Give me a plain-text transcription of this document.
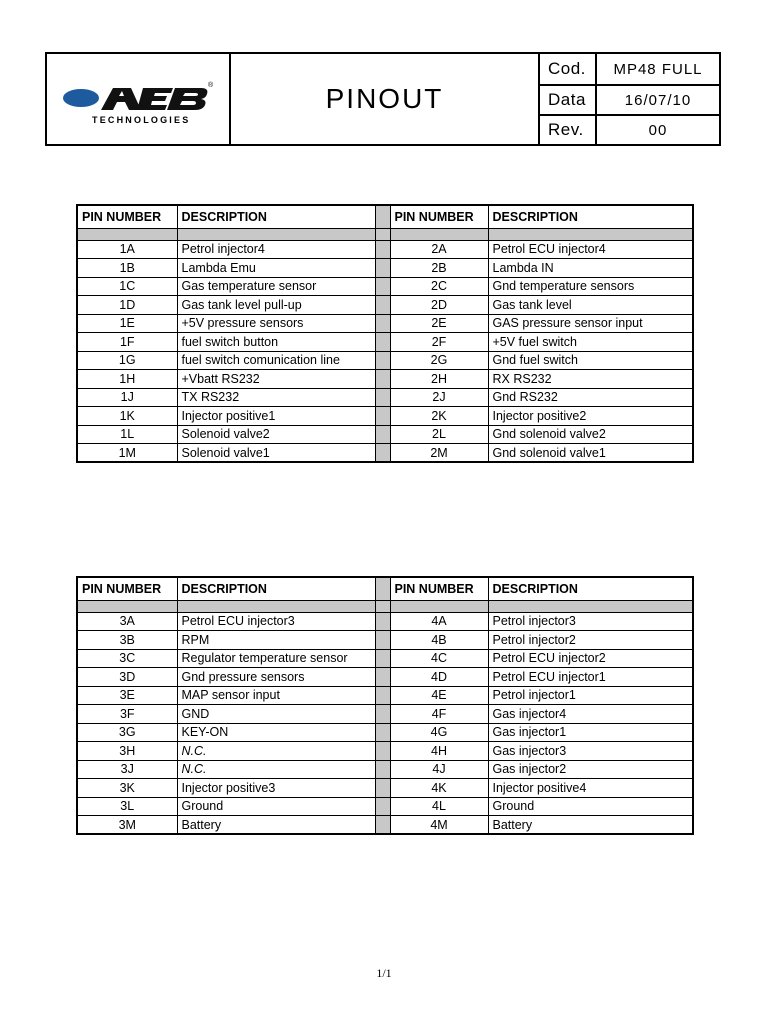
®
TECHNOLOGIES
PINOUT
Cod.	MP48 FULL
Data	16/07/10
Rev.	00
PIN NUMBER	DESCRIPTION		PIN NUMBER	DESCRIPTION

1A	Petrol injector4		2A	Petrol ECU injector4
1B	Lambda Emu		2B	Lambda IN
1C	Gas temperature sensor		2C	Gnd temperature sensors
1D	Gas tank level pull-up		2D	Gas tank level
1E	+5V pressure sensors		2E	GAS pressure sensor input
1F	fuel switch button		2F	+5V fuel switch
1G	fuel switch comunication line		2G	Gnd fuel switch
1H	+Vbatt RS232		2H	RX RS232
1J	TX RS232		2J	Gnd RS232
1K	Injector positive1		2K	Injector positive2
1L	Solenoid valve2		2L	Gnd solenoid valve2
1M	Solenoid valve1		2M	Gnd solenoid valve1
PIN NUMBER	DESCRIPTION		PIN NUMBER	DESCRIPTION

3A	Petrol ECU injector3		4A	Petrol injector3
3B	RPM		4B	Petrol injector2
3C	Regulator temperature sensor		4C	Petrol ECU injector2
3D	Gnd pressure sensors		4D	Petrol ECU injector1
3E	MAP sensor input		4E	Petrol injector1
3F	GND		4F	Gas injector4
3G	KEY-ON		4G	Gas injector1
3H	N.C.		4H	Gas injector3
3J	N.C.		4J	Gas injector2
3K	Injector positive3		4K	Injector positive4
3L	Ground		4L	Ground
3M	Battery		4M	Battery
1/1
